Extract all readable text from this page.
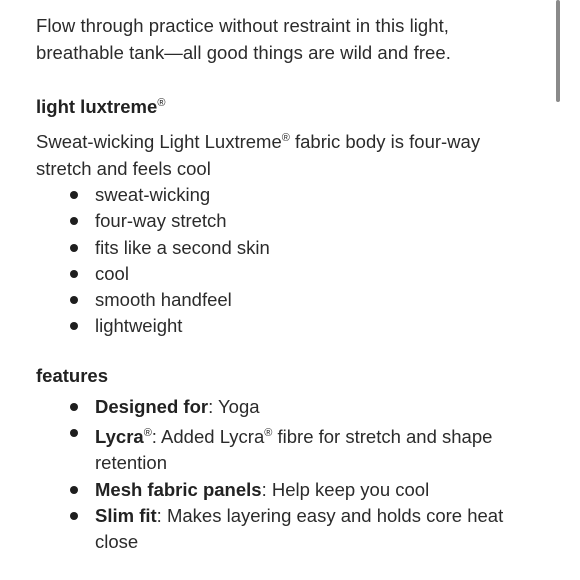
Flow through practice without restraint in this light, breathable tank—all good things are wild and free.

light luxtreme®

Sweat-wicking Light Luxtreme® fabric body is four-way stretch and feels cool

sweat-wicking
four-way stretch
fits like a second skin
cool
smooth handfeel
lightweight
features
Designed for: Yoga
Lycra®: Added Lycra® fibre for stretch and shape retention
Mesh fabric panels: Help keep you cool
Slim fit: Makes layering easy and holds core heat close
